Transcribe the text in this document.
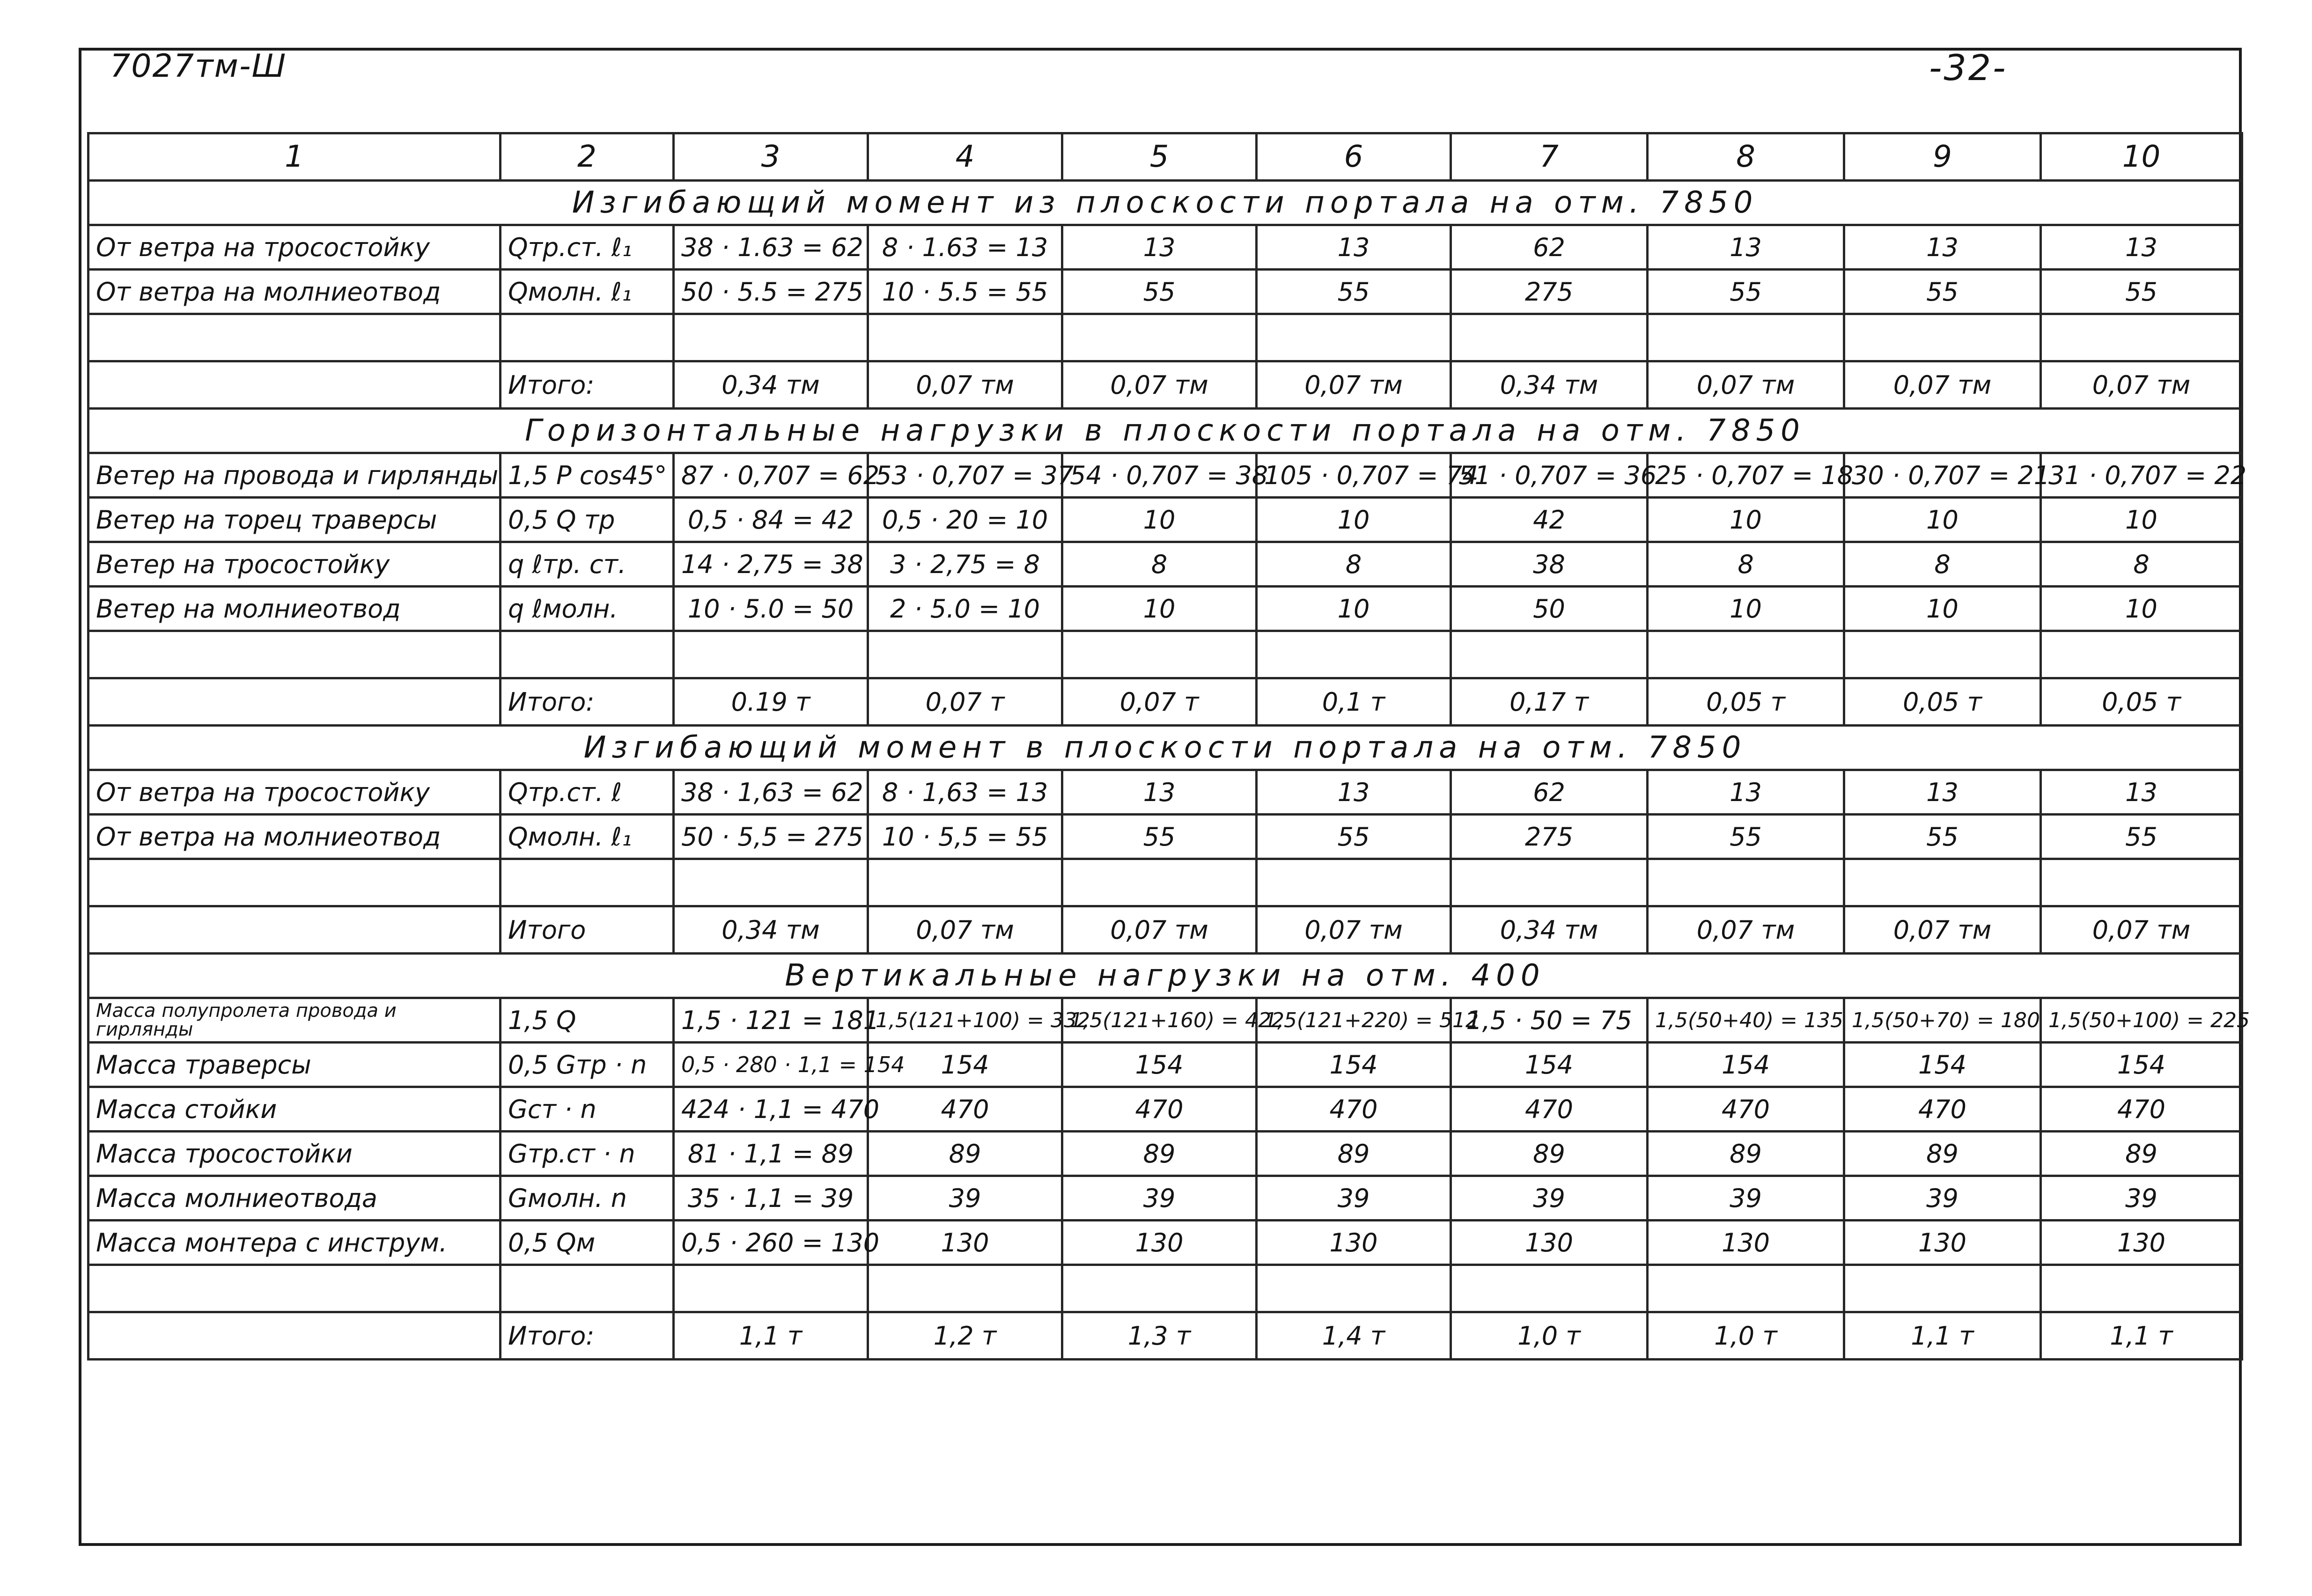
7027тм-Ш	-32-
1	2	3	4	5	6	7	8	9	10
Изгибающий момент из плоскости портала на отм. 7850									
От ветра на тросостойку	Qтр.ст. ℓ₁	38 · 1.63 = 62	8 · 1.63 = 13	13	13	62	13	13	13
От ветра на молниеотвод	Qмолн. ℓ₁	50 · 5.5 = 275	10 · 5.5 = 55	55	55	275	55	55	55

	Итого:	0,34 тм	0,07 тм	0,07 тм	0,07 тм	0,34 тм	0,07 тм	0,07 тм	0,07 тм
Горизонтальные нагрузки в плоскости портала на отм. 7850									
Ветер на провода и гирлянды	1,5 P cos45°	87 · 0,707 = 62	53 · 0,707 = 37	54 · 0,707 = 38	105 · 0,707 = 74	51 · 0,707 = 36	25 · 0,707 = 18	30 · 0,707 = 21	31 · 0,707 = 22
Ветер на торец траверсы	0,5 Q тр	0,5 · 84 = 42	0,5 · 20 = 10	10	10	42	10	10	10
Ветер на тросостойку	q ℓтр. ст.	14 · 2,75 = 38	3 · 2,75 = 8	8	8	38	8	8	8
Ветер на молниеотвод	q ℓмолн.	10 · 5.0 = 50	2 · 5.0 = 10	10	10	50	10	10	10

	Итого:	0.19 т	0,07 т	0,07 т	0,1 т	0,17 т	0,05 т	0,05 т	0,05 т
Изгибающий момент в плоскости портала на отм. 7850									
От ветра на тросостойку	Qтр.ст. ℓ	38 · 1,63 = 62	8 · 1,63 = 13	13	13	62	13	13	13
От ветра на молниеотвод	Qмолн. ℓ₁	50 · 5,5 = 275	10 · 5,5 = 55	55	55	275	55	55	55

	Итого	0,34 тм	0,07 тм	0,07 тм	0,07 тм	0,34 тм	0,07 тм	0,07 тм	0,07 тм
Вертикальные нагрузки на отм. 400									
Масса полупролета провода и гирлянды	1,5 Q	1,5 · 121 = 181	1,5(121+100) = 332	1,5(121+160) = 422	1,5(121+220) = 512	1,5 · 50 = 75	1,5(50+40) = 135	1,5(50+70) = 180	1,5(50+100) = 225
Масса траверсы	0,5 Gтр · n	0,5 · 280 · 1,1 = 154	154	154	154	154	154	154	154
Масса стойки	Gст · n	424 · 1,1 = 470	470	470	470	470	470	470	470
Масса тросостойки	Gтр.ст · n	81 · 1,1 = 89	89	89	89	89	89	89	89
Масса молниеотвода	Gмолн. n	35 · 1,1 = 39	39	39	39	39	39	39	39
Масса монтера с инструм.	0,5 Qм	0,5 · 260 = 130	130	130	130	130	130	130	130

	Итого:	1,1 т	1,2 т	1,3 т	1,4 т	1,0 т	1,0 т	1,1 т	1,1 т
